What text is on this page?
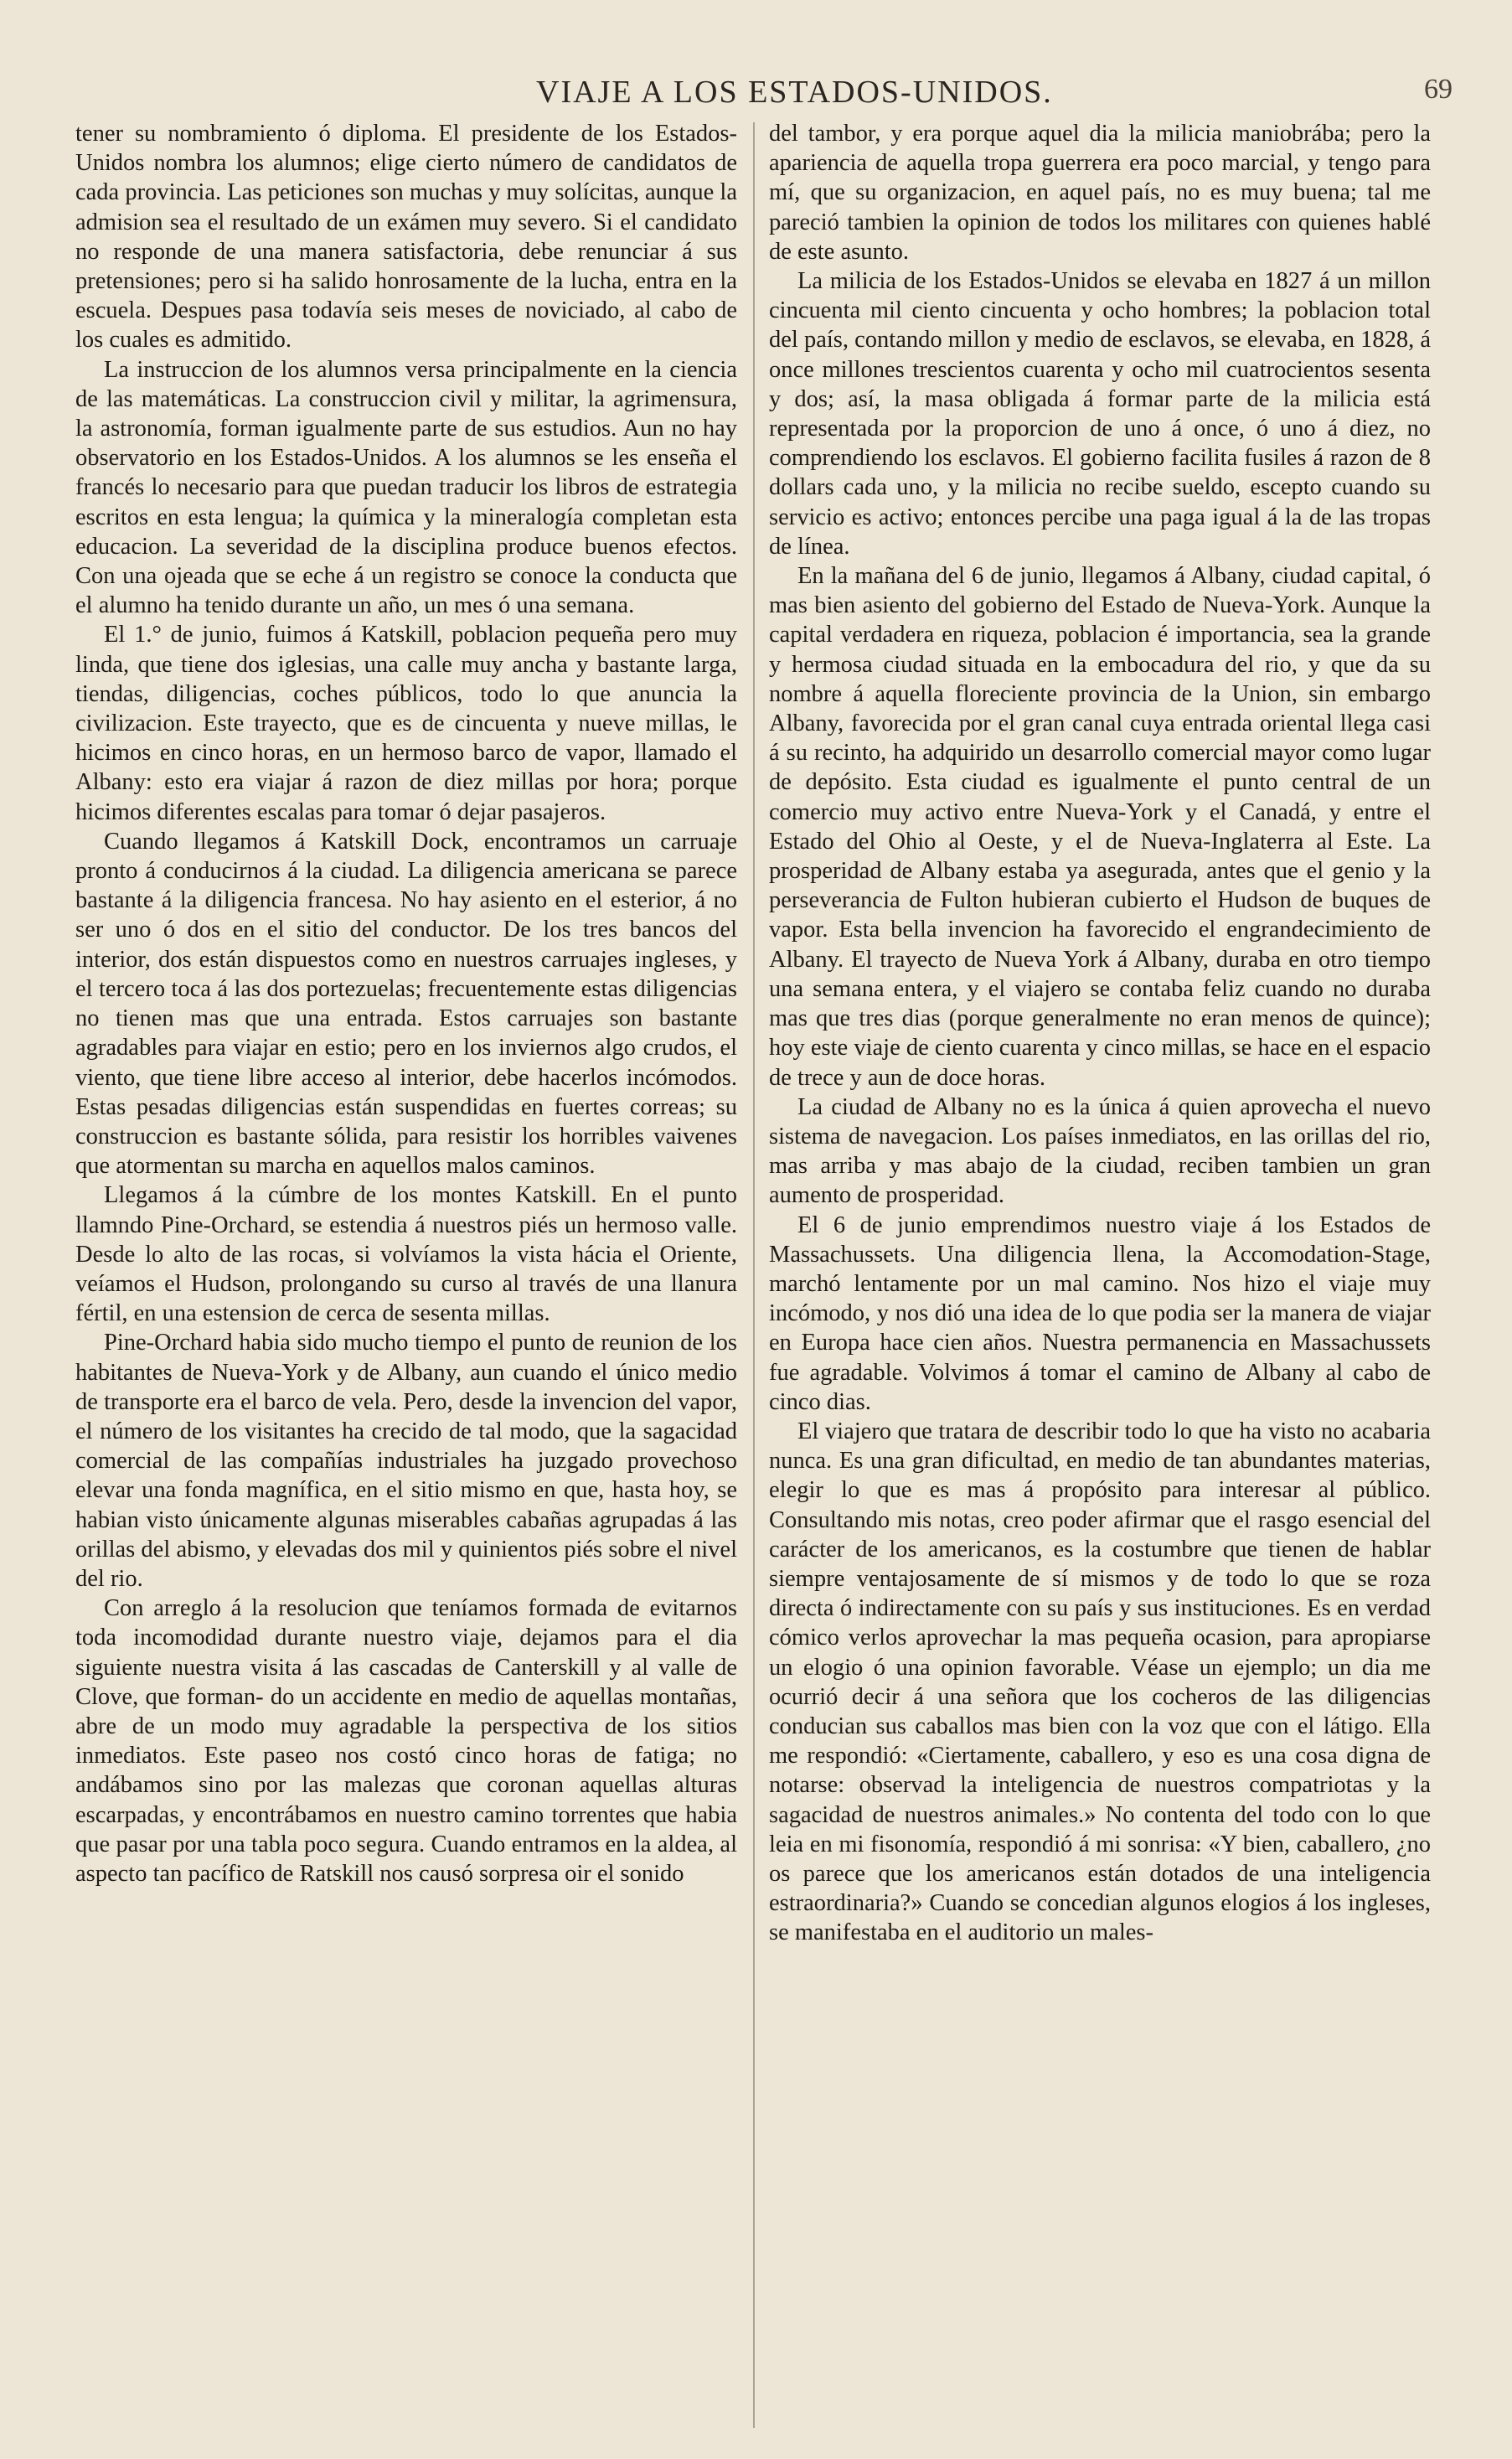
VIAJE A LOS ESTADOS-UNIDOS.	69

tener su nombramiento ó diploma. El presidente de los Estados-Unidos nombra los alumnos; elige cierto número de candidatos de cada provincia. Las peticiones son muchas y muy solícitas, aunque la admision sea el resultado de un exámen muy severo. Si el candidato no responde de una manera satisfactoria, debe renunciar á sus pretensiones; pero si ha salido honrosamente de la lucha, entra en la escuela. Despues pasa todavía seis meses de noviciado, al cabo de los cuales es admitido.

La instruccion de los alumnos versa principalmente en la ciencia de las matemáticas. La construccion civil y militar, la agrimensura, la astronomía, forman igualmente parte de sus estudios. Aun no hay observatorio en los Estados-Unidos. A los alumnos se les enseña el francés lo necesario para que puedan traducir los libros de estrategia escritos en esta lengua; la química y la mineralogía completan esta educacion. La severidad de la disciplina produce buenos efectos. Con una ojeada que se eche á un registro se conoce la conducta que el alumno ha tenido durante un año, un mes ó una semana.

El 1.° de junio, fuimos á Katskill, poblacion pequeña pero muy linda, que tiene dos iglesias, una calle muy ancha y bastante larga, tiendas, diligencias, coches públicos, todo lo que anuncia la civilizacion. Este trayecto, que es de cincuenta y nueve millas, le hicimos en cinco horas, en un hermoso barco de vapor, llamado el Albany: esto era viajar á razon de diez millas por hora; porque hicimos diferentes escalas para tomar ó dejar pasajeros.

Cuando llegamos á Katskill Dock, encontramos un carruaje pronto á conducirnos á la ciudad. La diligencia americana se parece bastante á la diligencia francesa. No hay asiento en el esterior, á no ser uno ó dos en el sitio del conductor. De los tres bancos del interior, dos están dispuestos como en nuestros carruajes ingleses, y el tercero toca á las dos portezuelas; frecuentemente estas diligencias no tienen mas que una entrada. Estos carruajes son bastante agradables para viajar en estio; pero en los inviernos algo crudos, el viento, que tiene libre acceso al interior, debe hacerlos incómodos. Estas pesadas diligencias están suspendidas en fuertes correas; su construccion es bastante sólida, para resistir los horribles vaivenes que atormentan su marcha en aquellos malos caminos.

Llegamos á la cúmbre de los montes Katskill. En el punto llamndo Pine-Orchard, se estendia á nuestros piés un hermoso valle. Desde lo alto de las rocas, si volvíamos la vista hácia el Oriente, veíamos el Hudson, prolongando su curso al través de una llanura fértil, en una estension de cerca de sesenta millas.

Pine-Orchard habia sido mucho tiempo el punto de reunion de los habitantes de Nueva-York y de Albany, aun cuando el único medio de transporte era el barco de vela. Pero, desde la invencion del vapor, el número de los visitantes ha crecido de tal modo, que la sagacidad comercial de las compañías industriales ha juzgado provechoso elevar una fonda magnífica, en el sitio mismo en que, hasta hoy, se habian visto únicamente algunas miserables cabañas agrupadas á las orillas del abismo, y elevadas dos mil y quinientos piés sobre el nivel del rio.

Con arreglo á la resolucion que teníamos formada de evitarnos toda incomodidad durante nuestro viaje, dejamos para el dia siguiente nuestra visita á las cascadas de Canterskill y al valle de Clove, que forman- do un accidente en medio de aquellas montañas, abre de un modo muy agradable la perspectiva de los sitios inmediatos. Este paseo nos costó cinco horas de fatiga; no andábamos sino por las malezas que coronan aquellas alturas escarpadas, y encontrábamos en nuestro camino torrentes que habia que pasar por una tabla poco segura. Cuando entramos en la aldea, al aspecto tan pacífico de Ratskill nos causó sorpresa oir el sonido

del tambor, y era porque aquel dia la milicia maniobrába; pero la apariencia de aquella tropa guerrera era poco marcial, y tengo para mí, que su organizacion, en aquel país, no es muy buena; tal me pareció tambien la opinion de todos los militares con quienes hablé de este asunto.

La milicia de los Estados-Unidos se elevaba en 1827 á un millon cincuenta mil ciento cincuenta y ocho hombres; la poblacion total del país, contando millon y medio de esclavos, se elevaba, en 1828, á once millones trescientos cuarenta y ocho mil cuatrocientos sesenta y dos; así, la masa obligada á formar parte de la milicia está representada por la proporcion de uno á once, ó uno á diez, no comprendiendo los esclavos. El gobierno facilita fusiles á razon de 8 dollars cada uno, y la milicia no recibe sueldo, escepto cuando su servicio es activo; entonces percibe una paga igual á la de las tropas de línea.

En la mañana del 6 de junio, llegamos á Albany, ciudad capital, ó mas bien asiento del gobierno del Estado de Nueva-York. Aunque la capital verdadera en riqueza, poblacion é importancia, sea la grande y hermosa ciudad situada en la embocadura del rio, y que da su nombre á aquella floreciente provincia de la Union, sin embargo Albany, favorecida por el gran canal cuya entrada oriental llega casi á su recinto, ha adquirido un desarrollo comercial mayor como lugar de depósito. Esta ciudad es igualmente el punto central de un comercio muy activo entre Nueva-York y el Canadá, y entre el Estado del Ohio al Oeste, y el de Nueva-Inglaterra al Este. La prosperidad de Albany estaba ya asegurada, antes que el genio y la perseverancia de Fulton hubieran cubierto el Hudson de buques de vapor. Esta bella invencion ha favorecido el engrandecimiento de Albany. El trayecto de Nueva York á Albany, duraba en otro tiempo una semana entera, y el viajero se contaba feliz cuando no duraba mas que tres dias (porque generalmente no eran menos de quince); hoy este viaje de ciento cuarenta y cinco millas, se hace en el espacio de trece y aun de doce horas.

La ciudad de Albany no es la única á quien aprovecha el nuevo sistema de navegacion. Los países inmediatos, en las orillas del rio, mas arriba y mas abajo de la ciudad, reciben tambien un gran aumento de prosperidad.

El 6 de junio emprendimos nuestro viaje á los Estados de Massachussets. Una diligencia llena, la Accomodation-Stage, marchó lentamente por un mal camino. Nos hizo el viaje muy incómodo, y nos dió una idea de lo que podia ser la manera de viajar en Europa hace cien años. Nuestra permanencia en Massachussets fue agradable. Volvimos á tomar el camino de Albany al cabo de cinco dias.

El viajero que tratara de describir todo lo que ha visto no acabaria nunca. Es una gran dificultad, en medio de tan abundantes materias, elegir lo que es mas á propósito para interesar al público. Consultando mis notas, creo poder afirmar que el rasgo esencial del carácter de los americanos, es la costumbre que tienen de hablar siempre ventajosamente de sí mismos y de todo lo que se roza directa ó indirectamente con su país y sus instituciones. Es en verdad cómico verlos aprovechar la mas pequeña ocasion, para apropiarse un elogio ó una opinion favorable. Véase un ejemplo; un dia me ocurrió decir á una señora que los cocheros de las diligencias conducian sus caballos mas bien con la voz que con el látigo. Ella me respondió: «Ciertamente, caballero, y eso es una cosa digna de notarse: observad la inteligencia de nuestros compatriotas y la sagacidad de nuestros animales.» No contenta del todo con lo que leia en mi fisonomía, respondió á mi sonrisa: «Y bien, caballero, ¿no os parece que los americanos están dotados de una inteligencia estraordinaria?» Cuando se concedian algunos elogios á los ingleses, se manifestaba en el auditorio un males-
